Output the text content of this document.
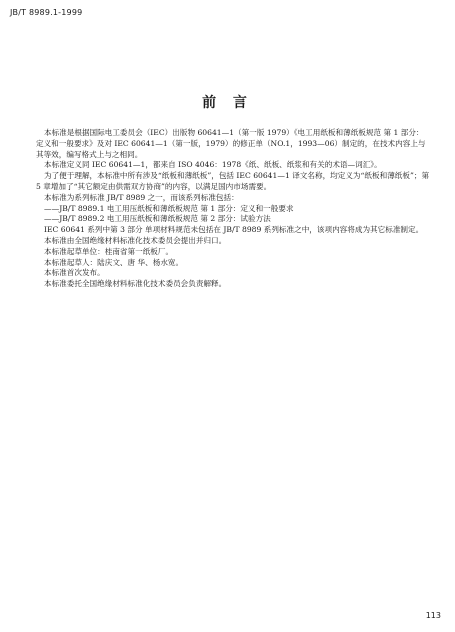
JB/T 8989.1-1999
前 言

本标准是根据国际电工委员会（IEC）出版物 60641—1（第一版 1979）《电工用纸板和薄纸板规范 第 1 部分：定义和一般要求》及对 IEC 60641—1（第一版，1979）的修正单（NO.1，1993—06）制定的，在技术内容上与其等效，编写格式上与之相同。

本标准定义同 IEC 60641—1，都来自 ISO 4046：1978《纸、纸板、纸浆和有关的术语—词汇》。

为了便于理解，本标准中所有涉及“纸板和薄纸板”，包括 IEC 60641—1 译文名称，均定义为“纸板和薄纸板”；第 5 章增加了“其它额定由供需双方协商”的内容，以满足国内市场需要。

本标准为系列标准 JB/T 8989 之一，而该系列标准包括：

——JB/T 8989.1 电工用压纸板和薄纸板规范 第 1 部分：定义和一般要求

——JB/T 8989.2 电工用压纸板和薄纸板规范 第 2 部分：试验方法

IEC 60641 系列中第 3 部分 单项材料规范未包括在 JB/T 8989 系列标准之中，该项内容将成为其它标准制定。

本标准由全国绝缘材料标准化技术委员会提出并归口。

本标准起草单位：桂南省第一纸板厂。

本标准起草人：陆庆文、唐 华、杨水宽。

本标准首次发布。

本标准委托全国绝缘材料标准化技术委员会负责解释。

113
